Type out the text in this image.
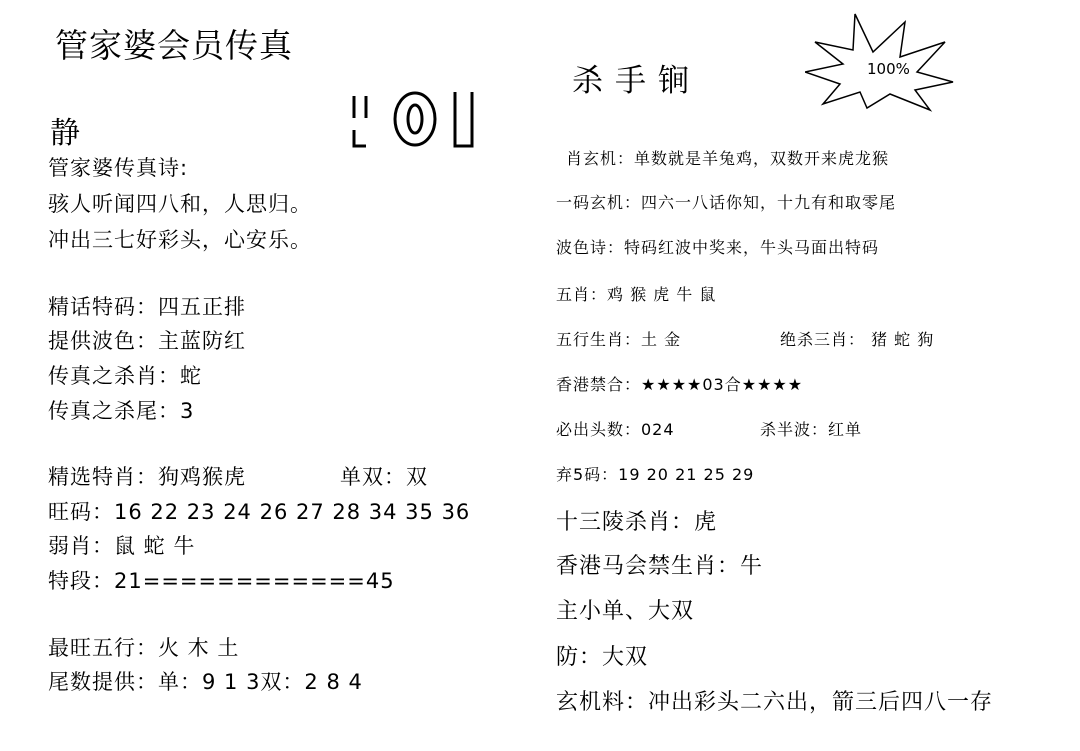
管家婆会员传真
静
管家婆传真诗:
骇人听闻四八和，人思归。
冲出三七好彩头，心安乐。
精话特码：四五正排
提供波色：主蓝防红
传真之杀肖：蛇
传真之杀尾：3
精选特肖：狗鸡猴虎	单双：双
旺码：16 22 23 24 26 27 28 34 35 36
弱肖：鼠 蛇 牛
特段：21============45
最旺五行：火 木 土
尾数提供：单：9 1 3双：2 8 4
杀手锏	100%
肖玄机：单数就是羊兔鸡，双数开来虎龙猴
一码玄机：四六一八话你知，十九有和取零尾
波色诗：特码红波中奖来，牛头马面出特码
五肖：鸡 猴 虎 牛 鼠
五行生肖：土 金	绝杀三肖： 猪 蛇 狗
香港禁合：★★★★03合★★★★
必出头数：024	杀半波：红单
弃5码：19 20 21 25 29
十三陵杀肖：虎
香港马会禁生肖：牛
主小单、大双
防：大双
玄机料：冲出彩头二六出，箭三后四八一存
